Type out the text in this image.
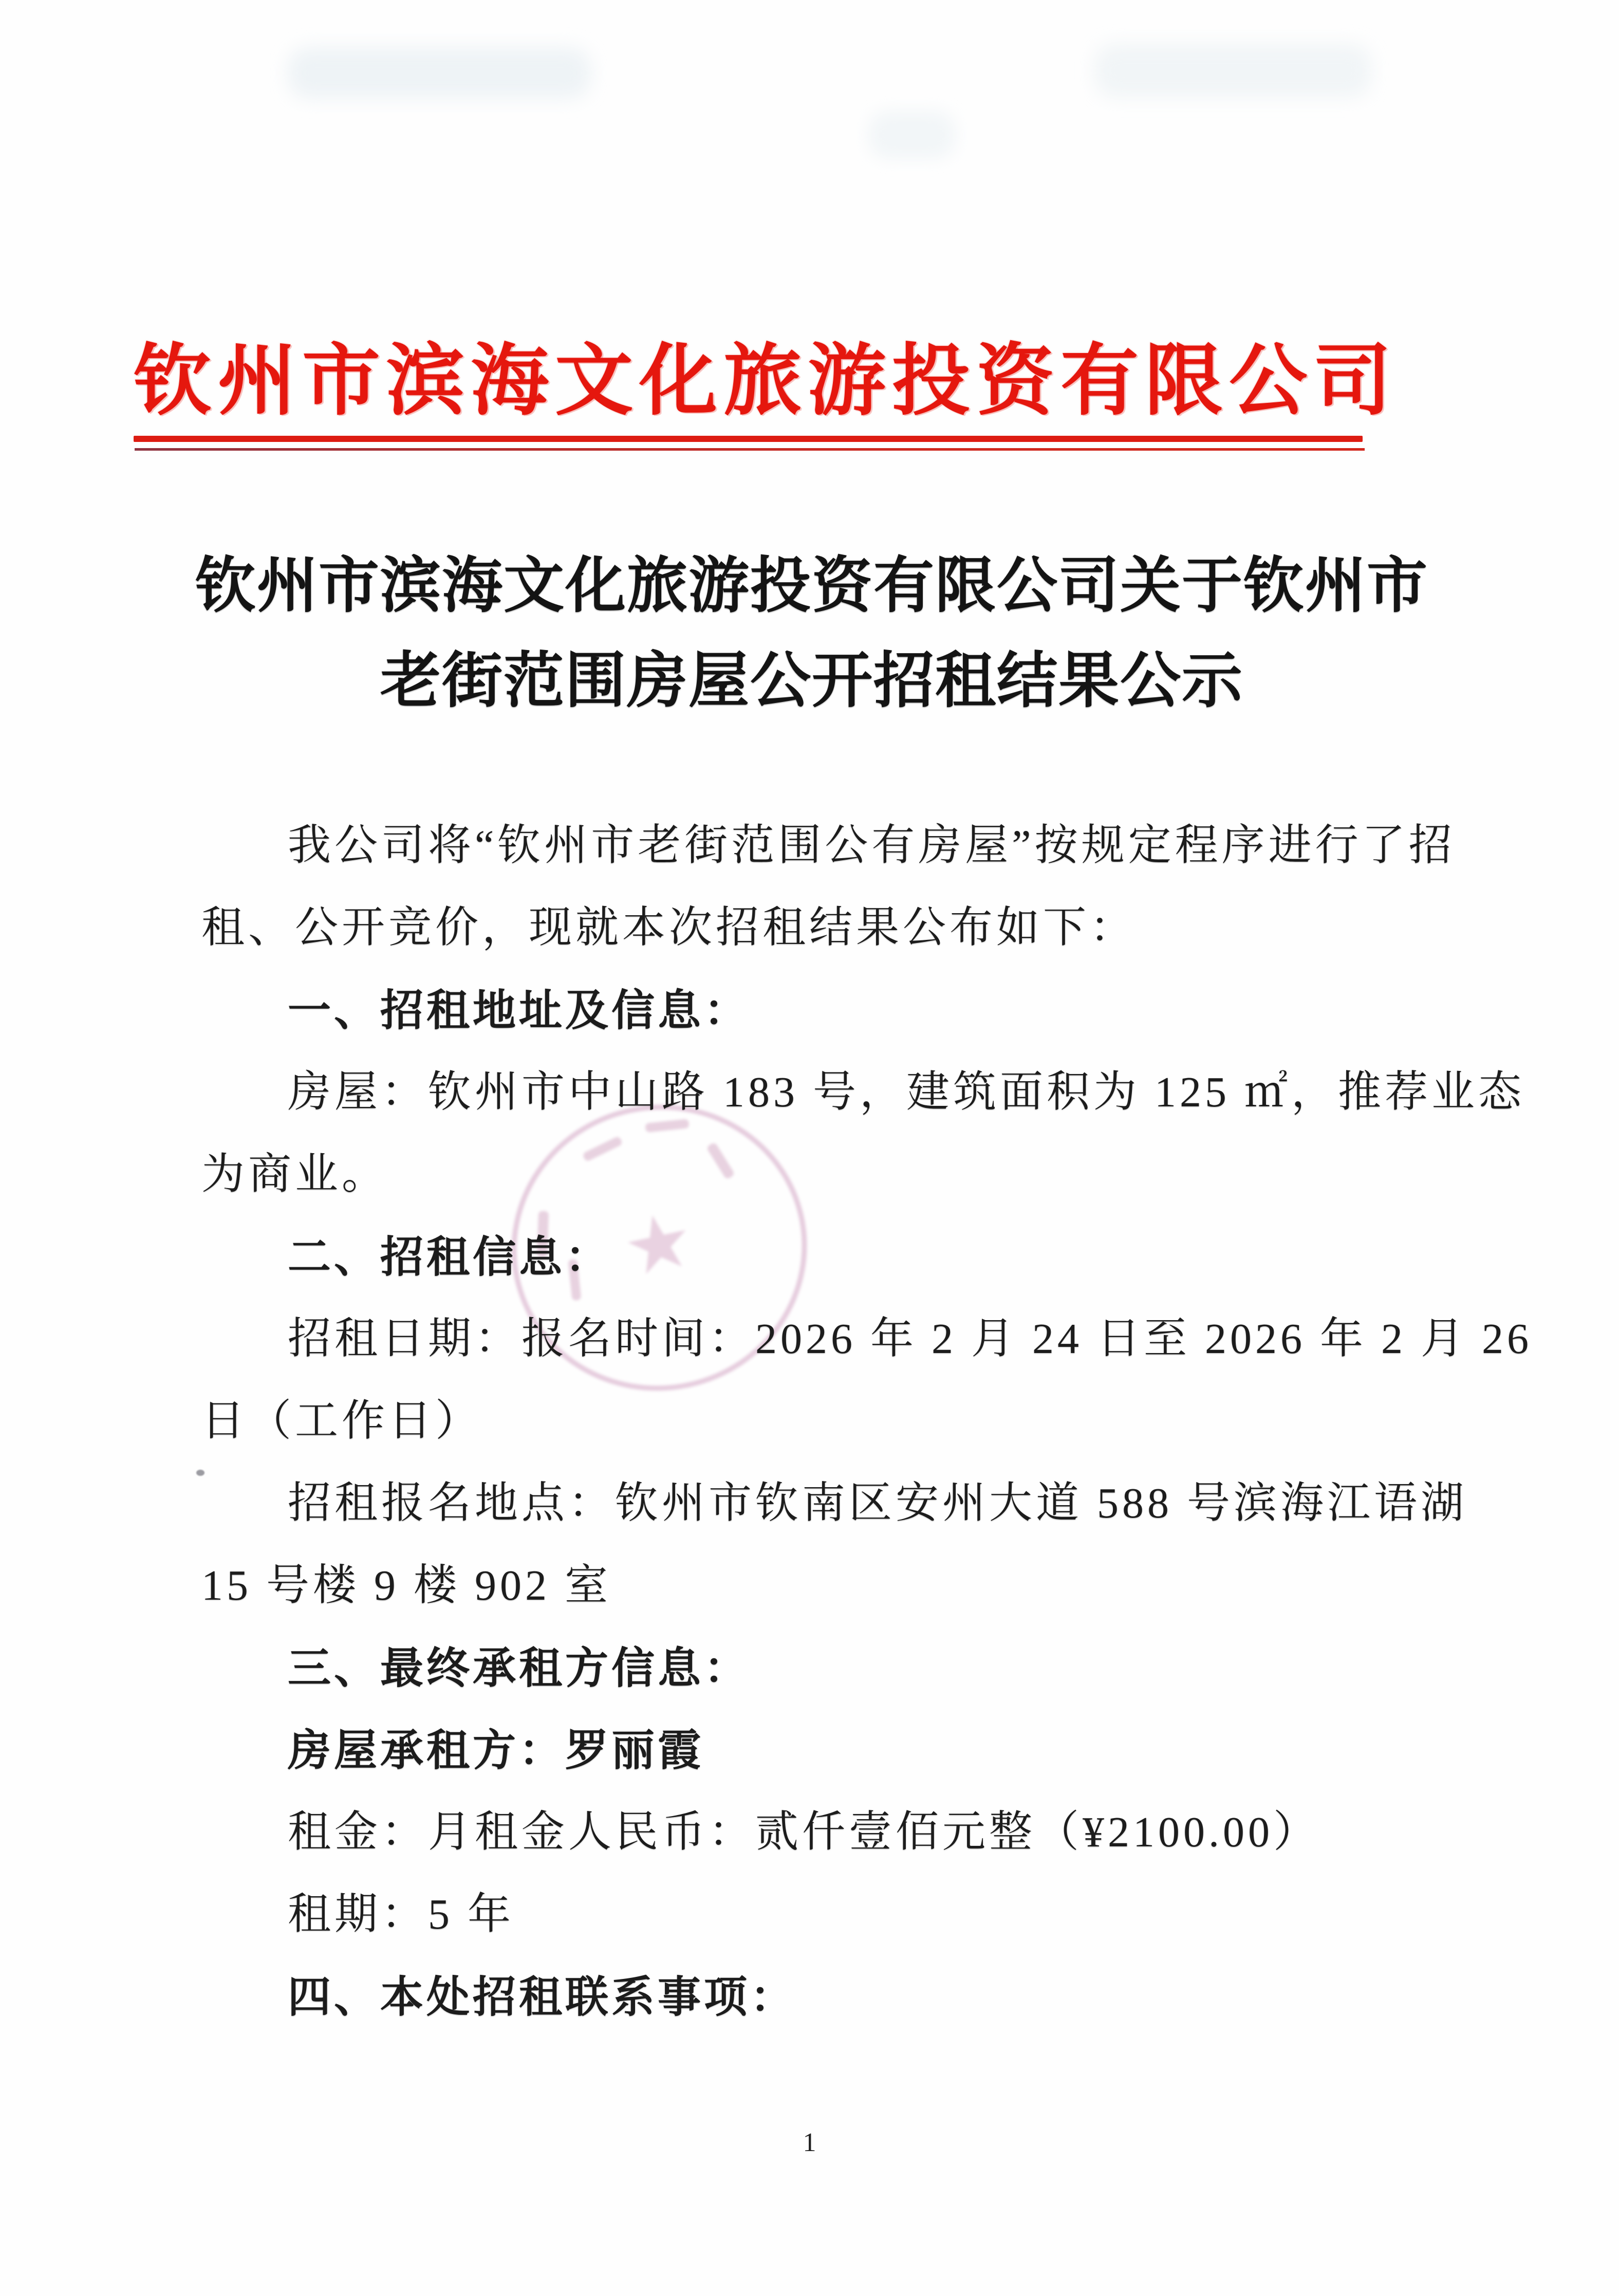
钦州市滨海文化旅游投资有限公司
钦州市滨海文化旅游投资有限公司关于钦州市
老街范围房屋公开招租结果公示
★
我公司将“钦州市老街范围公有房屋”按规定程序进行了招
租、公开竞价，现就本次招租结果公布如下：
一、招租地址及信息：
房屋：钦州市中山路 183 号，建筑面积为 125 ㎡，推荐业态
为商业。
二、招租信息：
招租日期：报名时间：2026 年 2 月 24 日至 2026 年 2 月 26
日（工作日）
招租报名地点：钦州市钦南区安州大道 588 号滨海江语湖
15 号楼 9 楼 902 室
三、最终承租方信息：
房屋承租方：罗丽霞
租金：月租金人民币：贰仟壹佰元整（¥2100.00）
租期：5 年
四、本处招租联系事项：
1
